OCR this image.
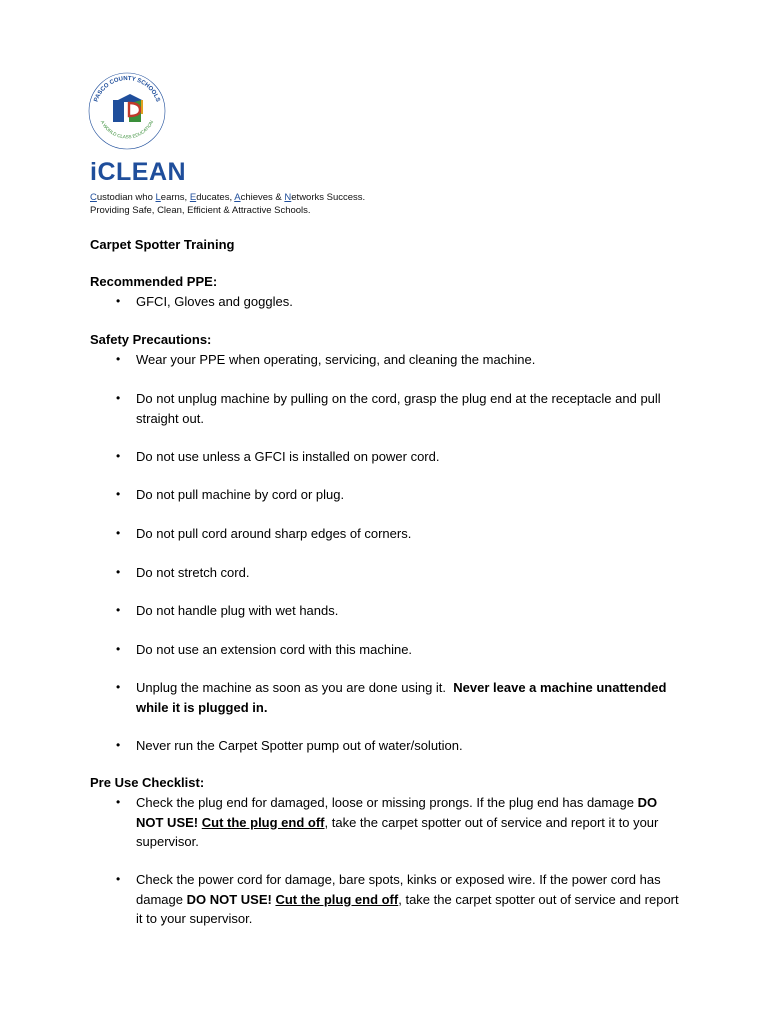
PASCO COUNTY SCHOOLS
A WORLD CLASS EDUCATION
iCLEAN
Custodian who Learns, Educates, Achieves & Networks Success.
Providing Safe, Clean, Efficient & Attractive Schools.
Carpet Spotter Training
Recommended PPE:
• GFCI, Gloves and goggles.
Safety Precautions:
• Wear your PPE when operating, servicing, and cleaning the machine.
• Do not unplug machine by pulling on the cord, grasp the plug end at the receptacle and pull straight out.
• Do not use unless a GFCI is installed on power cord.
• Do not pull machine by cord or plug.
• Do not pull cord around sharp edges of corners.
• Do not stretch cord.
• Do not handle plug with wet hands.
• Do not use an extension cord with this machine.
• Unplug the machine as soon as you are done using it. Never leave a machine unattended while it is plugged in.
• Never run the Carpet Spotter pump out of water/solution.
Pre Use Checklist:
• Check the plug end for damaged, loose or missing prongs. If the plug end has damage DO NOT USE! Cut the plug end off, take the carpet spotter out of service and report it to your supervisor.
• Check the power cord for damage, bare spots, kinks or exposed wire. If the power cord has damage DO NOT USE! Cut the plug end off, take the carpet spotter out of service and report it to your supervisor.
